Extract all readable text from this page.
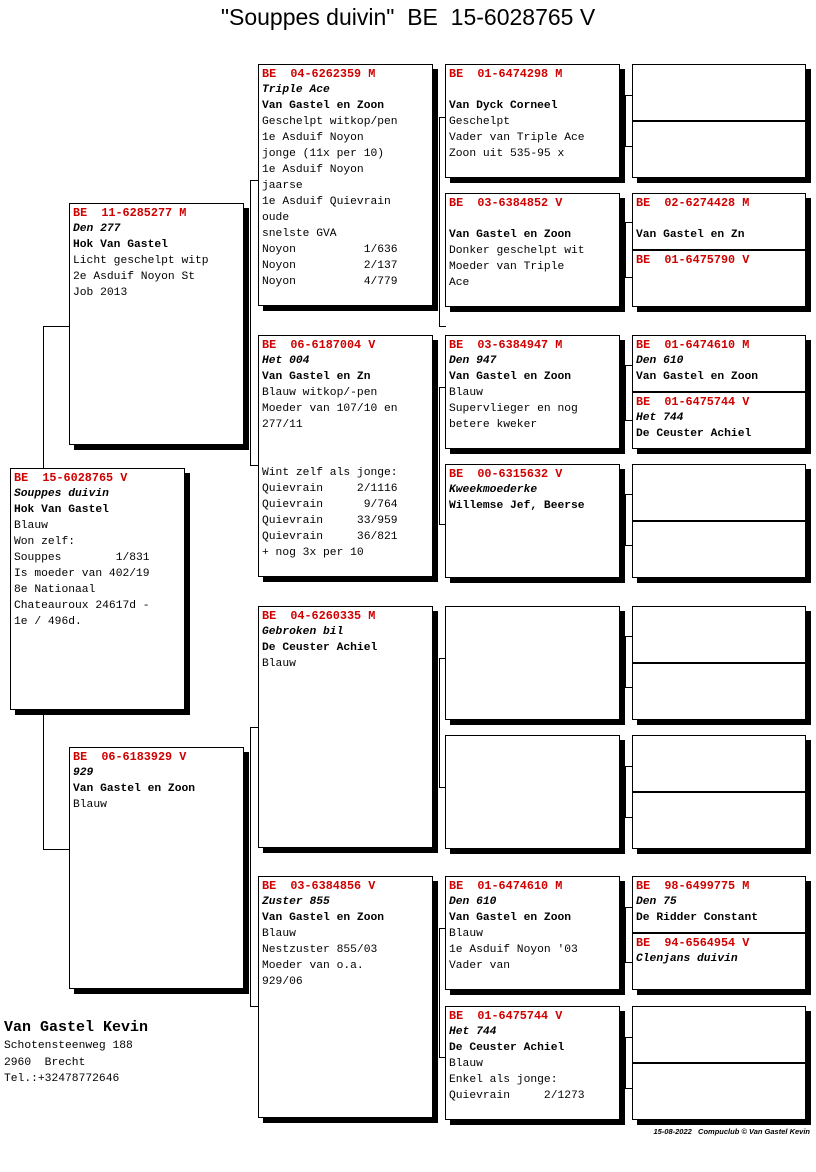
"Souppes duivin"  BE  15-6028765 V
BE  15-6028765 V
Souppes duivin
Hok Van Gastel
Blauw
Won zelf:
Souppes        1/831
Is moeder van 402/19
8e Nationaal
Chateauroux 24617d -
1e / 496d.
BE  11-6285277 M
Den 277
Hok Van Gastel
Licht geschelpt witp
2e Asduif Noyon St
Job 2013
BE  06-6183929 V
929
Van Gastel en Zoon
Blauw
BE  04-6262359 M
Triple Ace
Van Gastel en Zoon
Geschelpt witkop/pen
1e Asduif Noyon
jonge (11x per 10)
1e Asduif Noyon
jaarse
1e Asduif Quievrain
oude
snelste GVA
Noyon          1/636
Noyon          2/137
Noyon          4/779
BE  06-6187004 V
Het 004
Van Gastel en Zn
Blauw witkop/-pen
Moeder van 107/10 en
277/11
Wint zelf als jonge:
Quievrain     2/1116
Quievrain      9/764
Quievrain     33/959
Quievrain     36/821
+ nog 3x per 10
BE  04-6260335 M
Gebroken bil
De Ceuster Achiel
Blauw
BE  03-6384856 V
Zuster 855
Van Gastel en Zoon
Blauw
Nestzuster 855/03
Moeder van o.a.
929/06
BE  01-6474298 M
Van Dyck Corneel
Geschelpt
Vader van Triple Ace
Zoon uit 535-95 x
BE  03-6384852 V
Van Gastel en Zoon
Donker geschelpt wit
Moeder van Triple
Ace
BE  03-6384947 M
Den 947
Van Gastel en Zoon
Blauw
Supervlieger en nog
betere kweker
BE  00-6315632 V
Kweekmoederke
Willemse Jef, Beerse
BE  01-6474610 M
Den 610
Van Gastel en Zoon
Blauw
1e Asduif Noyon '03
Vader van
BE  01-6475744 V
Het 744
De Ceuster Achiel
Blauw
Enkel als jonge:
Quievrain     2/1273
BE  02-6274428 M
Van Gastel en Zn
BE  01-6475790 V
BE  01-6474610 M
Den 610
Van Gastel en Zoon
BE  01-6475744 V
Het 744
De Ceuster Achiel
BE  98-6499775 M
Den 75
De Ridder Constant
BE  94-6564954 V
Clenjans duivin
Van Gastel Kevin
Schotensteenweg 188
2960  Brecht
Tel.:+32478772646
15-08-2022   Compuclub © Van Gastel Kevin
